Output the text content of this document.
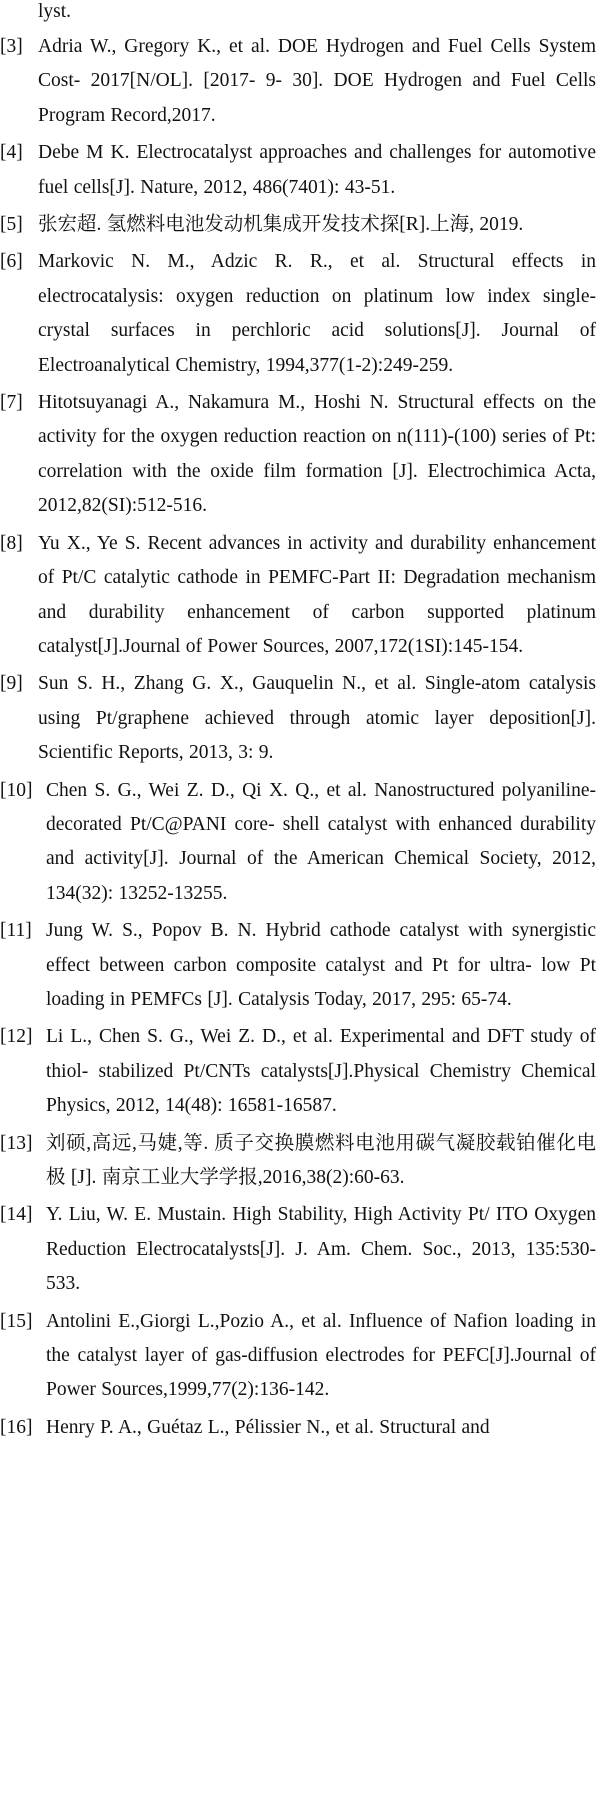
lyst.

[3] Adria W., Gregory K., et al. DOE Hydrogen and Fuel Cells System Cost- 2017[N/OL]. [2017- 9- 30]. DOE Hydrogen and Fuel Cells Program Record,2017.
[4] Debe M K. Electrocatalyst approaches and challenges for automotive fuel cells[J]. Nature, 2012, 486(7401): 43-51.
[5] 张宏超. 氢燃料电池发动机集成开发技术探[R].上海, 2019.
[6] Markovic N. M., Adzic R. R., et al. Structural effects in electrocatalysis: oxygen reduction on platinum low index single- crystal surfaces in perchloric acid solutions[J]. Journal of Electroanalytical Chemistry, 1994,377(1-2):249-259.
[7] Hitotsuyanagi A., Nakamura M., Hoshi N. Structural effects on the activity for the oxygen reduction reaction on n(111)-(100) series of Pt: correlation with the oxide film formation [J]. Electrochimica Acta, 2012,82(SI):512-516.
[8] Yu X., Ye S. Recent advances in activity and durability enhancement of Pt/C catalytic cathode in PEMFC-Part II: Degradation mechanism and durability enhancement of carbon supported platinum catalyst[J].Journal of Power Sources, 2007,172(1SI):145-154.
[9] Sun S. H., Zhang G. X., Gauquelin N., et al. Single-atom catalysis using Pt/graphene achieved through atomic layer deposition[J]. Scientific Reports, 2013, 3: 9.
[10] Chen S. G., Wei Z. D., Qi X. Q., et al. Nanostructured polyaniline- decorated Pt/C@PANI core- shell catalyst with enhanced durability and activity[J]. Journal of the American Chemical Society, 2012, 134(32): 13252-13255.
[11] Jung W. S., Popov B. N. Hybrid cathode catalyst with synergistic effect between carbon composite catalyst and Pt for ultra- low Pt loading in PEMFCs [J]. Catalysis Today, 2017, 295: 65-74.
[12] Li L., Chen S. G., Wei Z. D., et al. Experimental and DFT study of thiol- stabilized Pt/CNTs catalysts[J].Physical Chemistry Chemical Physics, 2012, 14(48): 16581-16587.
[13] 刘硕,高远,马婕,等. 质子交换膜燃料电池用碳气凝胶载铂催化电极 [J]. 南京工业大学学报,2016,38(2):60-63.
[14] Y. Liu, W. E. Mustain. High Stability, High Activity Pt/ ITO Oxygen Reduction Electrocatalysts[J]. J. Am. Chem. Soc., 2013, 135:530- 533.
[15] Antolini E.,Giorgi L.,Pozio A., et al. Influence of Nafion loading in the catalyst layer of gas-diffusion electrodes for PEFC[J].Journal of Power Sources,1999,77(2):136-142.
[16] Henry P. A., Guétaz L., Pélissier N., et al. Structural and
